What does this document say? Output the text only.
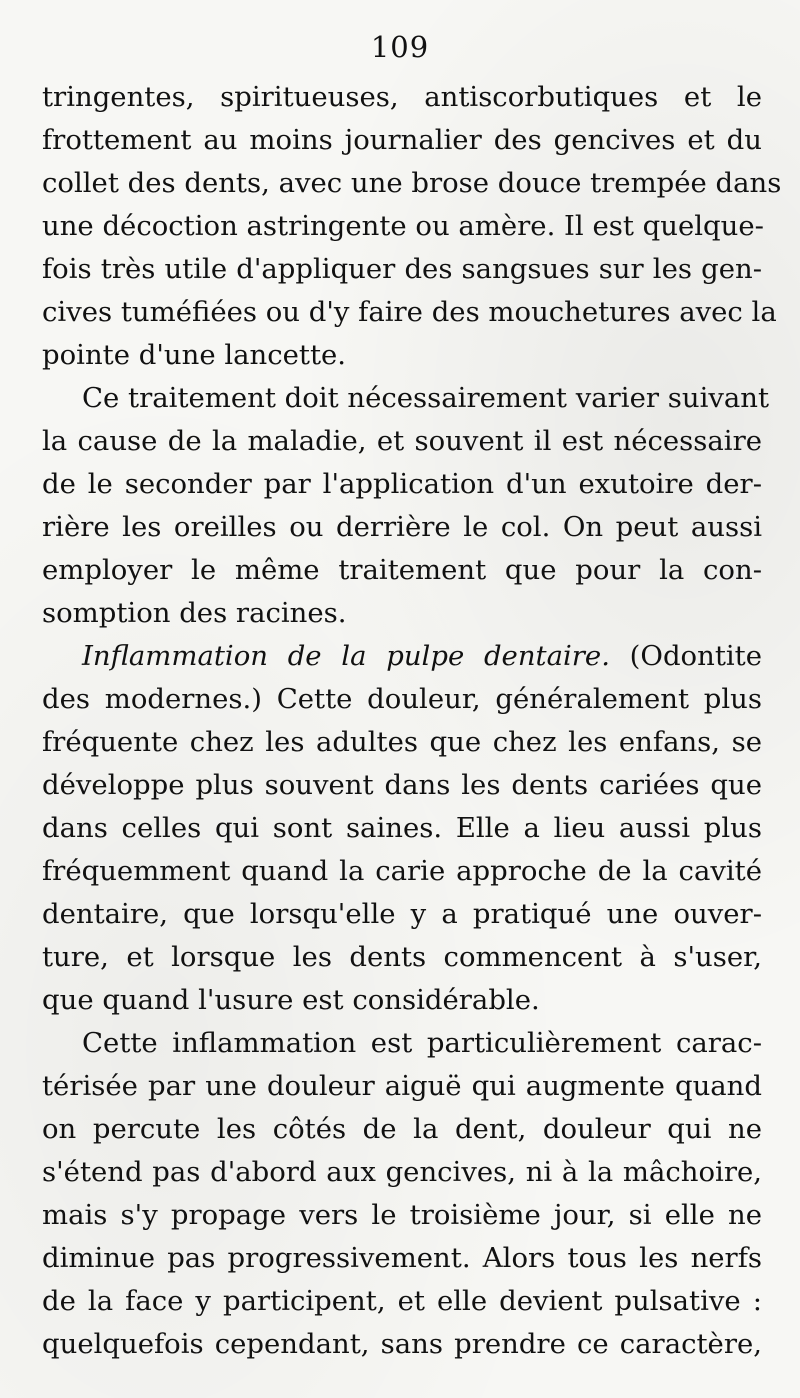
109
tringentes, spiritueuses, antiscorbutiques et le
frottement au moins journalier des gencives et du
collet des dents, avec une brose douce trempée dans
une décoction astringente ou amère. Il est quelque-
fois très utile d'appliquer des sangsues sur les gen-
cives tuméfiées ou d'y faire des mouchetures avec la
pointe d'une lancette.
Ce traitement doit nécessairement varier suivant
la cause de la maladie, et souvent il est nécessaire
de le seconder par l'application d'un exutoire der-
rière les oreilles ou derrière le col. On peut aussi
employer le même traitement que pour la con-
somption des racines.
Inflammation de la pulpe dentaire. (Odontite
des modernes.) Cette douleur, généralement plus
fréquente chez les adultes que chez les enfans, se
développe plus souvent dans les dents cariées que
dans celles qui sont saines. Elle a lieu aussi plus
fréquemment quand la carie approche de la cavité
dentaire, que lorsqu'elle y a pratiqué une ouver-
ture, et lorsque les dents commencent à s'user,
que quand l'usure est considérable.
Cette inflammation est particulièrement carac-
térisée par une douleur aiguë qui augmente quand
on percute les côtés de la dent, douleur qui ne
s'étend pas d'abord aux gencives, ni à la mâchoire,
mais s'y propage vers le troisième jour, si elle ne
diminue pas progressivement. Alors tous les nerfs
de la face y participent, et elle devient pulsative :
quelquefois cependant, sans prendre ce caractère,
